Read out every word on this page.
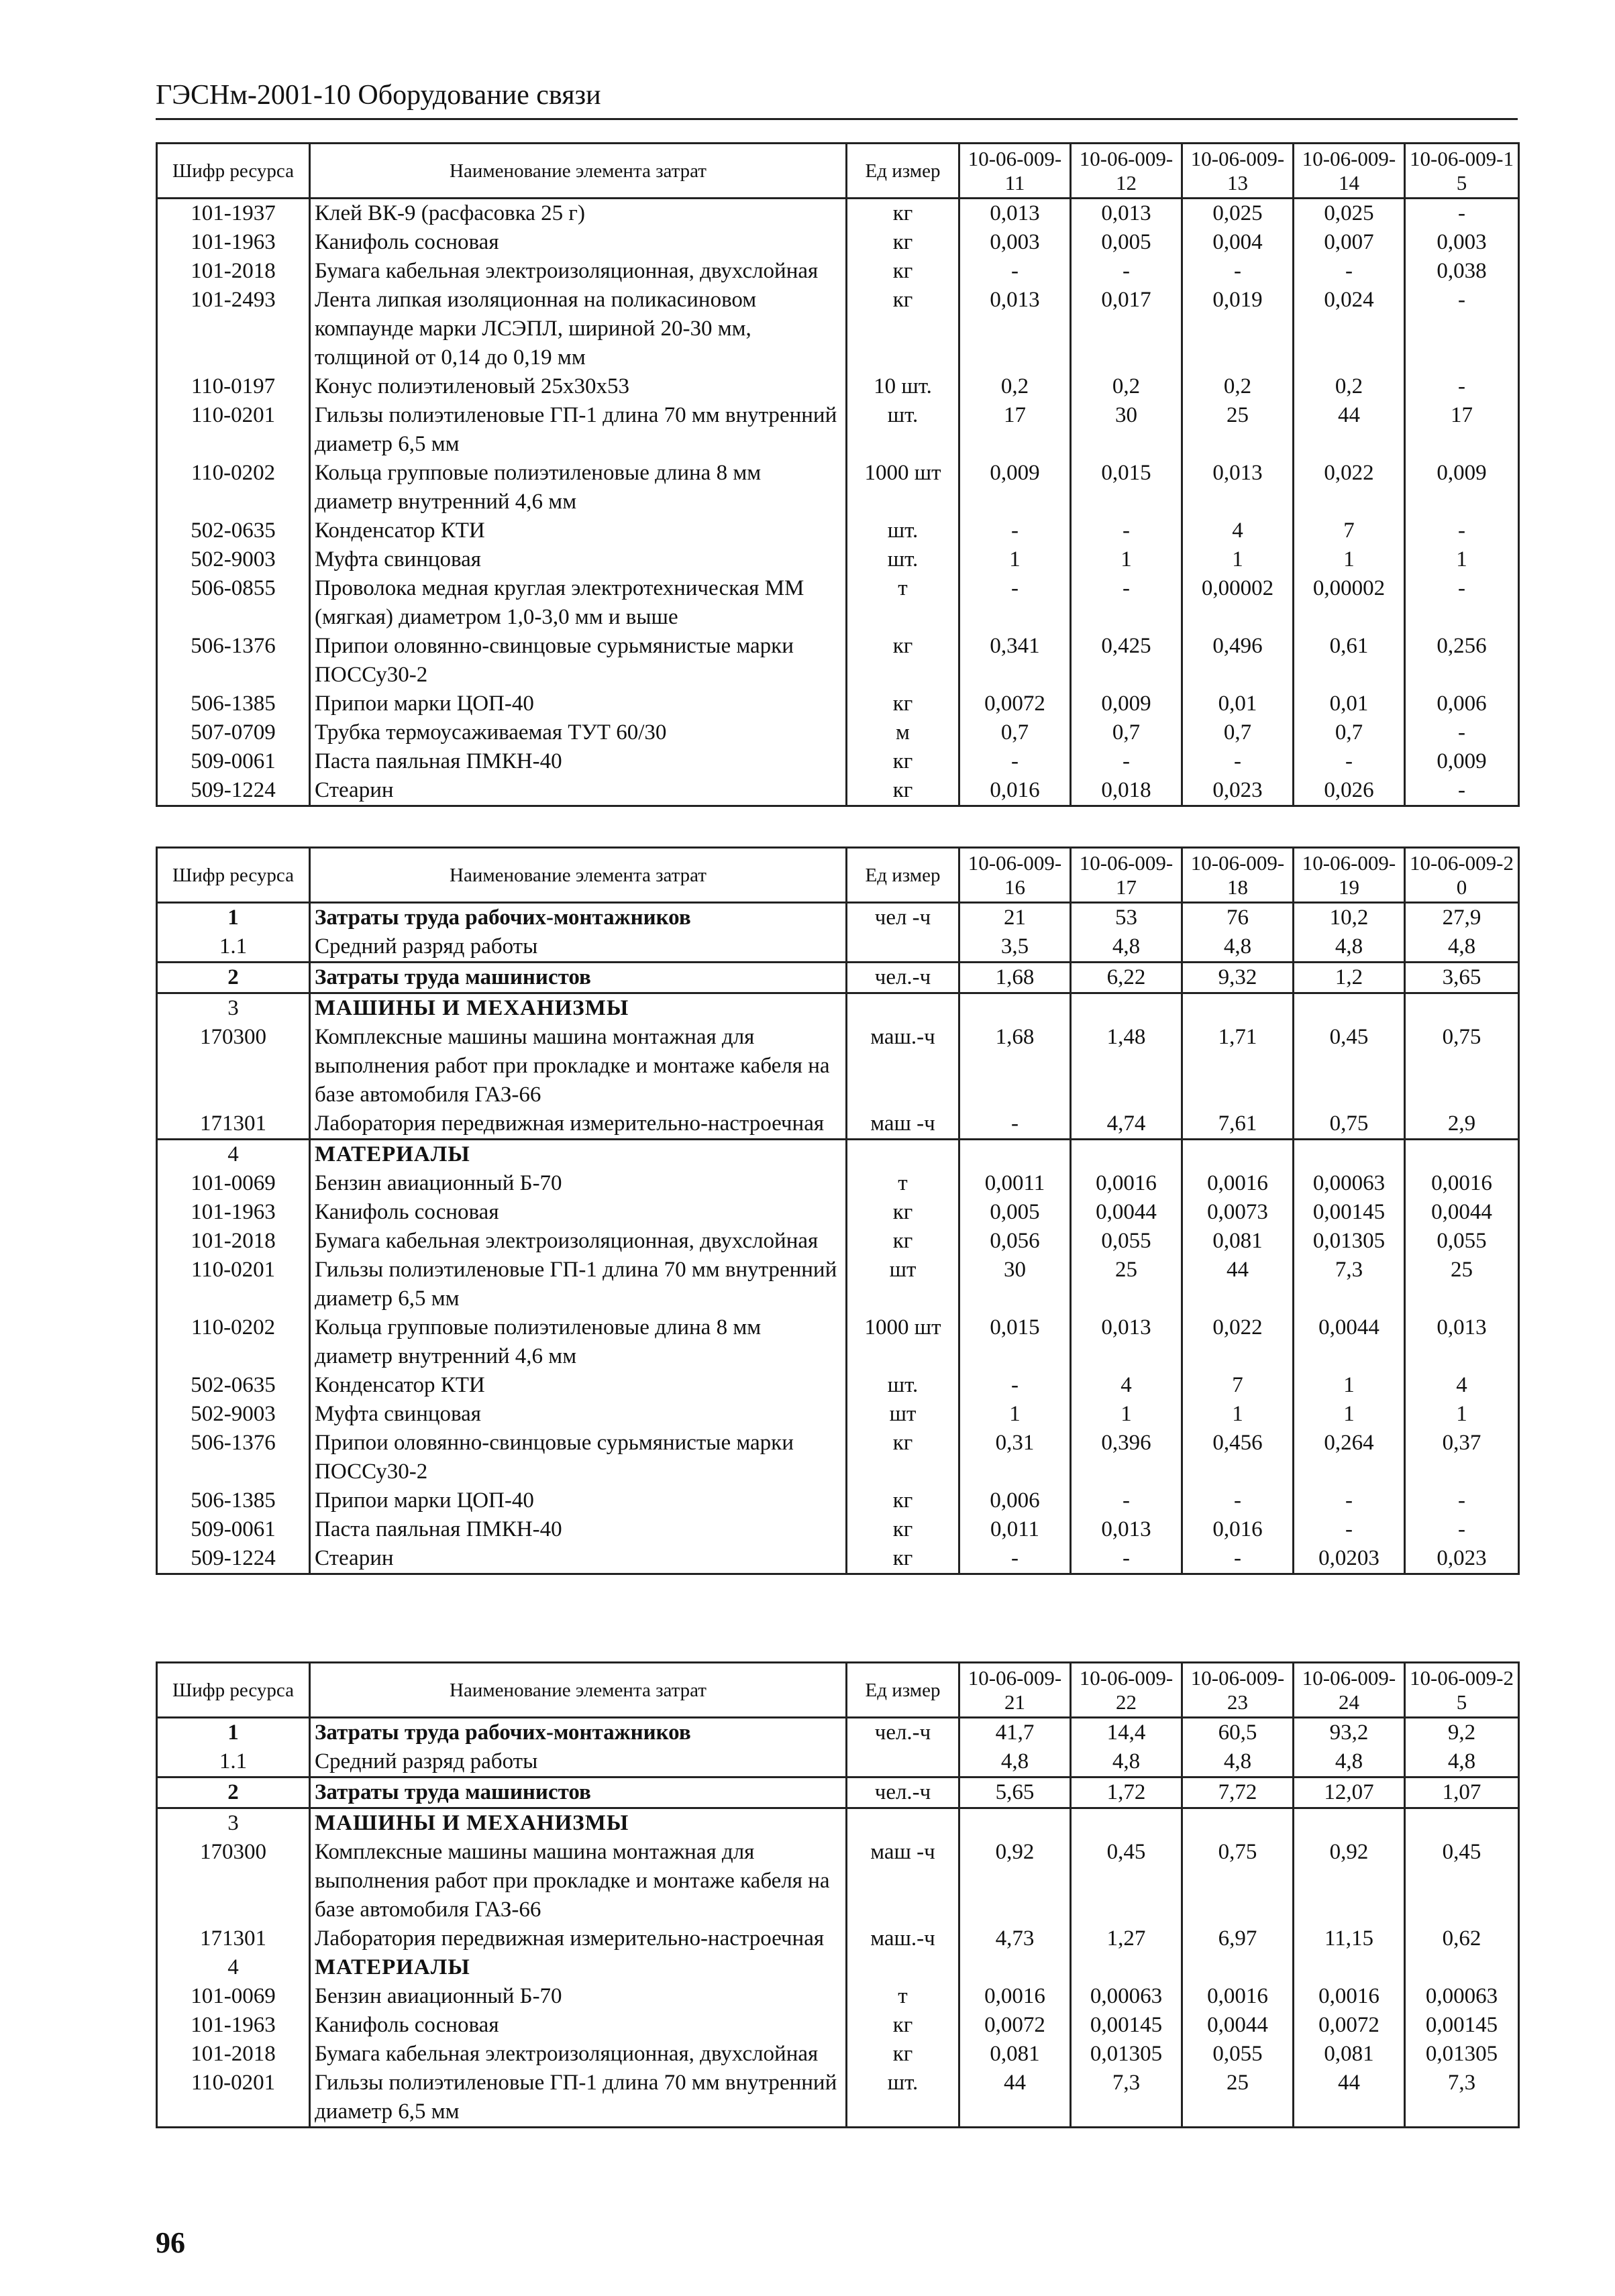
ГЭСНм-2001-10 Оборудование связи
Шифр ресурса	Наименование элемента затрат	Ед измер	10-06-009-11	10-06-009-12	10-06-009-13	10-06-009-14	10-06-009-15
101-1937	Клей ВК-9 (расфасовка 25 г)	кг	0,013	0,013	0,025	0,025	-
101-1963	Канифоль сосновая	кг	0,003	0,005	0,004	0,007	0,003
101-2018	Бумага кабельная электроизоляционная, двухслойная	кг	-	-	-	-	0,038
101-2493	Лента липкая изоляционная на поликасиновом компаунде марки ЛСЭПЛ, шириной 20-30 мм, толщиной от 0,14 до 0,19 мм	кг	0,013	0,017	0,019	0,024	-
110-0197	Конус полиэтиленовый 25х30х53	10 шт.	0,2	0,2	0,2	0,2	-
110-0201	Гильзы полиэтиленовые ГП-1 длина 70 мм внутренний диаметр 6,5 мм	шт.	17	30	25	44	17
110-0202	Кольца групповые полиэтиленовые длина 8 мм диаметр внутренний 4,6 мм	1000 шт	0,009	0,015	0,013	0,022	0,009
502-0635	Конденсатор КТИ	шт.	-	-	4	7	-
502-9003	Муфта свинцовая	шт.	1	1	1	1	1
506-0855	Проволока медная круглая электротехническая ММ (мягкая) диаметром 1,0-3,0 мм и выше	т	-	-	0,00002	0,00002	-
506-1376	Припои оловянно-свинцовые сурьмянистые марки ПОССу30-2	кг	0,341	0,425	0,496	0,61	0,256
506-1385	Припои марки ЦОП-40	кг	0,0072	0,009	0,01	0,01	0,006
507-0709	Трубка термоусаживаемая ТУТ 60/30	м	0,7	0,7	0,7	0,7	-
509-0061	Паста паяльная ПМКН-40	кг	-	-	-	-	0,009
509-1224	Стеарин	кг	0,016	0,018	0,023	0,026	-
Шифр ресурса	Наименование элемента затрат	Ед измер	10-06-009-16	10-06-009-17	10-06-009-18	10-06-009-19	10-06-009-20
1	Затраты труда рабочих-монтажников	чел -ч	21	53	76	10,2	27,9
1.1	Средний разряд работы		3,5	4,8	4,8	4,8	4,8
2	Затраты труда машинистов	чел.-ч	1,68	6,22	9,32	1,2	3,65
3	МАШИНЫ И МЕХАНИЗМЫ						
170300	Комплексные машины машина монтажная для выполнения работ при прокладке и монтаже кабеля на базе автомобиля ГАЗ-66	маш.-ч	1,68	1,48	1,71	0,45	0,75
171301	Лаборатория передвижная измерительно-настроечная	маш -ч	-	4,74	7,61	0,75	2,9
4	МАТЕРИАЛЫ						
101-0069	Бензин авиационный Б-70	т	0,0011	0,0016	0,0016	0,00063	0,0016
101-1963	Канифоль сосновая	кг	0,005	0,0044	0,0073	0,00145	0,0044
101-2018	Бумага кабельная электроизоляционная, двухслойная	кг	0,056	0,055	0,081	0,01305	0,055
110-0201	Гильзы полиэтиленовые ГП-1 длина 70 мм внутренний диаметр 6,5 мм	шт	30	25	44	7,3	25
110-0202	Кольца групповые полиэтиленовые длина 8 мм диаметр внутренний 4,6 мм	1000 шт	0,015	0,013	0,022	0,0044	0,013
502-0635	Конденсатор КТИ	шт.	-	4	7	1	4
502-9003	Муфта свинцовая	шт	1	1	1	1	1
506-1376	Припои оловянно-свинцовые сурьмянистые марки ПОССу30-2	кг	0,31	0,396	0,456	0,264	0,37
506-1385	Припои марки ЦОП-40	кг	0,006	-	-	-	-
509-0061	Паста паяльная ПМКН-40	кг	0,011	0,013	0,016	-	-
509-1224	Стеарин	кг	-	-	-	0,0203	0,023
Шифр ресурса	Наименование элемента затрат	Ед измер	10-06-009-21	10-06-009-22	10-06-009-23	10-06-009-24	10-06-009-25
1	Затраты труда рабочих-монтажников	чел.-ч	41,7	14,4	60,5	93,2	9,2
1.1	Средний разряд работы		4,8	4,8	4,8	4,8	4,8
2	Затраты труда машинистов	чел.-ч	5,65	1,72	7,72	12,07	1,07
3	МАШИНЫ И МЕХАНИЗМЫ						
170300	Комплексные машины машина монтажная для выполнения работ при прокладке и монтаже кабеля на базе автомобиля ГАЗ-66	маш -ч	0,92	0,45	0,75	0,92	0,45
171301	Лаборатория передвижная измерительно-настроечная	маш.-ч	4,73	1,27	6,97	11,15	0,62
4	МАТЕРИАЛЫ						
101-0069	Бензин авиационный Б-70	т	0,0016	0,00063	0,0016	0,0016	0,00063
101-1963	Канифоль сосновая	кг	0,0072	0,00145	0,0044	0,0072	0,00145
101-2018	Бумага кабельная электроизоляционная, двухслойная	кг	0,081	0,01305	0,055	0,081	0,01305
110-0201	Гильзы полиэтиленовые ГП-1 длина 70 мм внутренний диаметр 6,5 мм	шт.	44	7,3	25	44	7,3
96
